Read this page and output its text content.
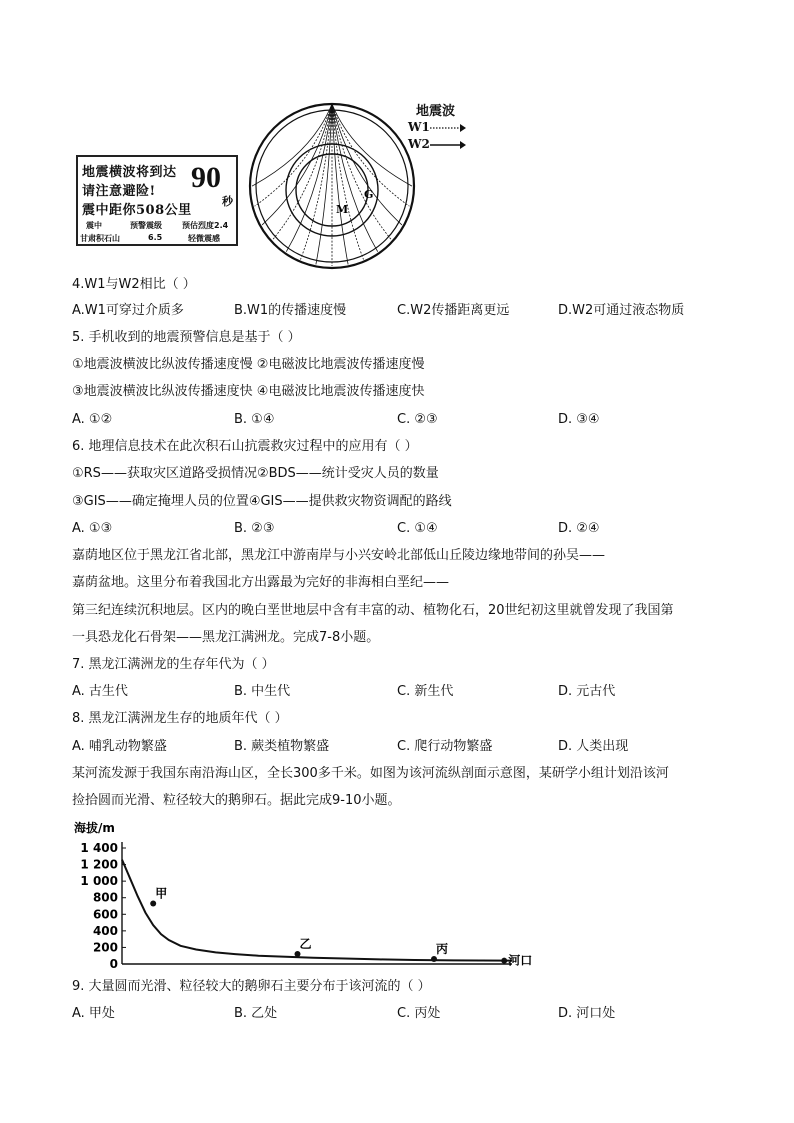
M
G
地震波
W1
W2
地震横波将到达
请注意避险!
震中距你508公里
90
秒
震中	预警震级	预估烈度2.4
甘肃积石山	6.5	轻微震感
4.W1与W2相比（ ）
A.W1可穿过介质多	B.W1的传播速度慢	C.W2传播距离更远	D.W2可通过液态物质
5. 手机收到的地震预警信息是基于（ ）
①地震波横波比纵波传播速度慢 ②电磁波比地震波传播速度慢
③地震波横波比纵波传播速度快 ④电磁波比地震波传播速度快
A. ①②	B. ①④	C. ②③	D. ③④
6. 地理信息技术在此次积石山抗震救灾过程中的应用有（ ）
①RS——获取灾区道路受损情况②BDS——统计受灾人员的数量
③GIS——确定掩埋人员的位置④GIS——提供救灾物资调配的路线
A. ①③	B. ②③	C. ①④	D. ②④
嘉荫地区位于黑龙江省北部，黑龙江中游南岸与小兴安岭北部低山丘陵边缘地带间的孙吴——
嘉荫盆地。这里分布着我国北方出露最为完好的非海相白垩纪——
第三纪连续沉积地层。区内的晚白垩世地层中含有丰富的动、植物化石，20世纪初这里就曾发现了我国第
一具恐龙化石骨架——黑龙江满洲龙。完成7-8小题。
7. 黑龙江满洲龙的生存年代为（ ）
A. 古生代	B. 中生代	C. 新生代	D. 元古代
8. 黑龙江满洲龙生存的地质年代（ ）
A. 哺乳动物繁盛	B. 蕨类植物繁盛	C. 爬行动物繁盛	D. 人类出现
某河流发源于我国东南沿海山区，全长300多千米。如图为该河流纵剖面示意图，某研学小组计划沿该河
捡拾圆而光滑、粒径较大的鹅卵石。据此完成9-10小题。
海拔/m
1 400
1 200
1 000
800
600
400
200
0
甲
乙	丙
河口
9. 大量圆而光滑、粒径较大的鹅卵石主要分布于该河流的（ ）
A. 甲处	B. 乙处	C. 丙处	D. 河口处
